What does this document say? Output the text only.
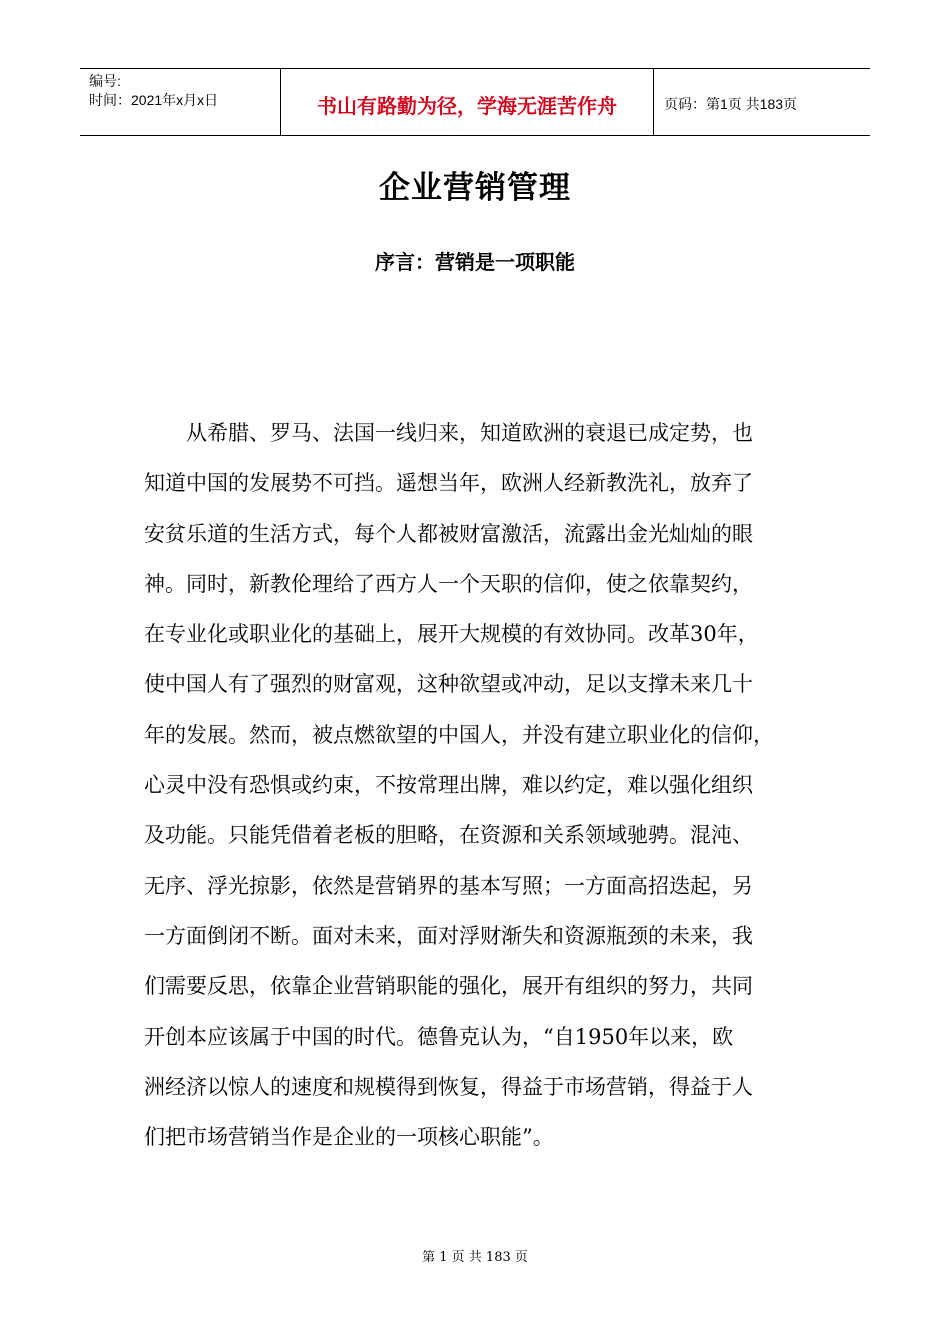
编号:
时间：2021年x月x日	书山有路勤为径，学海无涯苦作舟	页码：第1页 共183页
企业营销管理
序言：营销是一项职能
从希腊、罗马、法国一线归来，知道欧洲的衰退已成定势，也
知道中国的发展势不可挡。遥想当年，欧洲人经新教洗礼，放弃了
安贫乐道的生活方式，每个人都被财富激活，流露出金光灿灿的眼
神。同时，新教伦理给了西方人一个天职的信仰，使之依靠契约，
在专业化或职业化的基础上，展开大规模的有效协同。改革30年，
使中国人有了强烈的财富观，这种欲望或冲动，足以支撑未来几十
年的发展。然而，被点燃欲望的中国人，并没有建立职业化的信仰，
心灵中没有恐惧或约束，不按常理出牌，难以约定，难以强化组织
及功能。只能凭借着老板的胆略，在资源和关系领域驰骋。混沌、
无序、浮光掠影，依然是营销界的基本写照；一方面高招迭起，另
一方面倒闭不断。面对未来，面对浮财渐失和资源瓶颈的未来，我
们需要反思，依靠企业营销职能的强化，展开有组织的努力，共同
开创本应该属于中国的时代。德鲁克认为，“自1950年以来，欧
洲经济以惊人的速度和规模得到恢复，得益于市场营销，得益于人
们把市场营销当作是企业的一项核心职能”。
第 1 页 共 183 页
